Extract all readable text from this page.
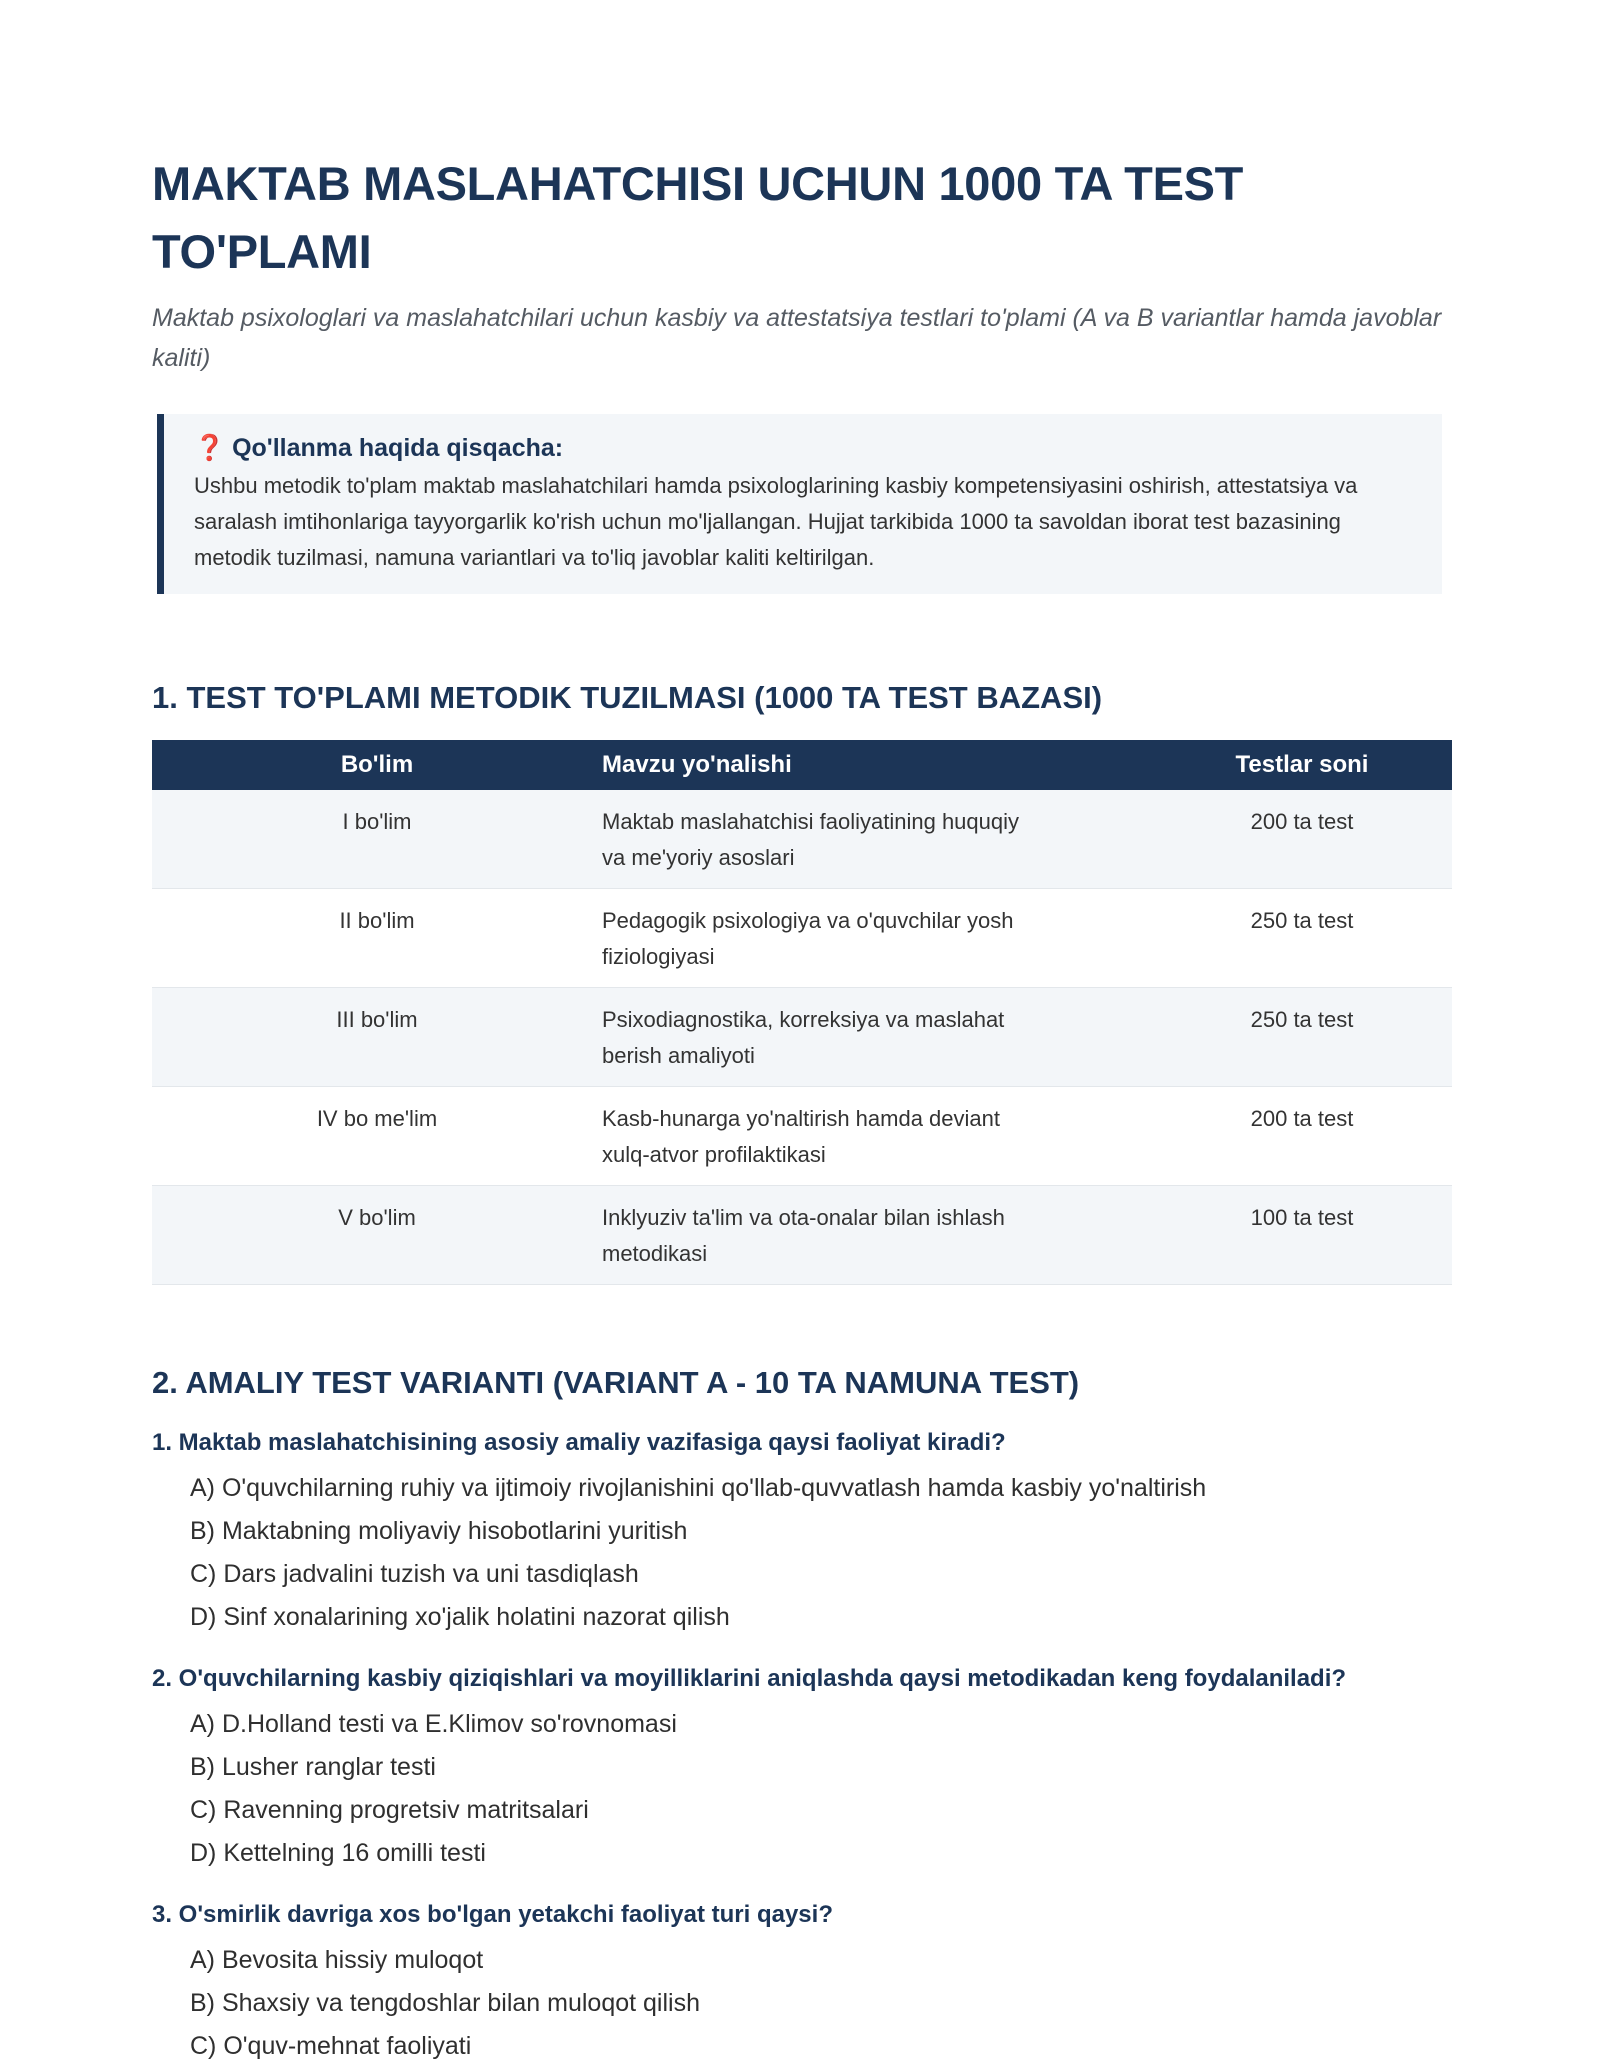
MAKTAB MASLAHATCHISI UCHUN 1000 TA TEST TO'PLAMI

Maktab psixologlari va maslahatchilari uchun kasbiy va attestatsiya testlari to'plami (A va B variantlar hamda javoblar kaliti)

❓ Qo'llanma haqida qisqacha:
Ushbu metodik to'plam maktab maslahatchilari hamda psixologlarining kasbiy kompetensiyasini oshirish, attestatsiya va saralash imtihonlariga tayyorgarlik ko'rish uchun mo'ljallangan. Hujjat tarkibida 1000 ta savoldan iborat test bazasining metodik tuzilmasi, namuna variantlari va to'liq javoblar kaliti keltirilgan.
1. TEST TO'PLAMI METODIK TUZILMASI (1000 TA TEST BAZASI)
Bo'lim	Mavzu yo'nalishi	Testlar soni
I bo'lim	Maktab maslahatchisi faoliyatining huquqiy va me'yoriy asoslari	200 ta test
II bo'lim	Pedagogik psixologiya va o'quvchilar yosh fiziologiyasi	250 ta test
III bo'lim	Psixodiagnostika, korreksiya va maslahat berish amaliyoti	250 ta test
IV bo me'lim	Kasb-hunarga yo'naltirish hamda deviant xulq-atvor profilaktikasi	200 ta test
V bo'lim	Inklyuziv ta'lim va ota-onalar bilan ishlash metodikasi	100 ta test
2. AMALIY TEST VARIANTI (VARIANT A - 10 TA NAMUNA TEST)
1. Maktab maslahatchisining asosiy amaliy vazifasiga qaysi faoliyat kiradi?
A) O'quvchilarning ruhiy va ijtimoiy rivojlanishini qo'llab-quvvatlash hamda kasbiy yo'naltirish
B) Maktabning moliyaviy hisobotlarini yuritish
C) Dars jadvalini tuzish va uni tasdiqlash
D) Sinf xonalarining xo'jalik holatini nazorat qilish
2. O'quvchilarning kasbiy qiziqishlari va moyilliklarini aniqlashda qaysi metodikadan keng foydalaniladi?
A) D.Holland testi va E.Klimov so'rovnomasi
B) Lusher ranglar testi
C) Ravenning progretsiv matritsalari
D) Kettelning 16 omilli testi
3. O'smirlik davriga xos bo'lgan yetakchi faoliyat turi qaysi?
A) Bevosita hissiy muloqot
B) Shaxsiy va tengdoshlar bilan muloqot qilish
C) O'quv-mehnat faoliyati
